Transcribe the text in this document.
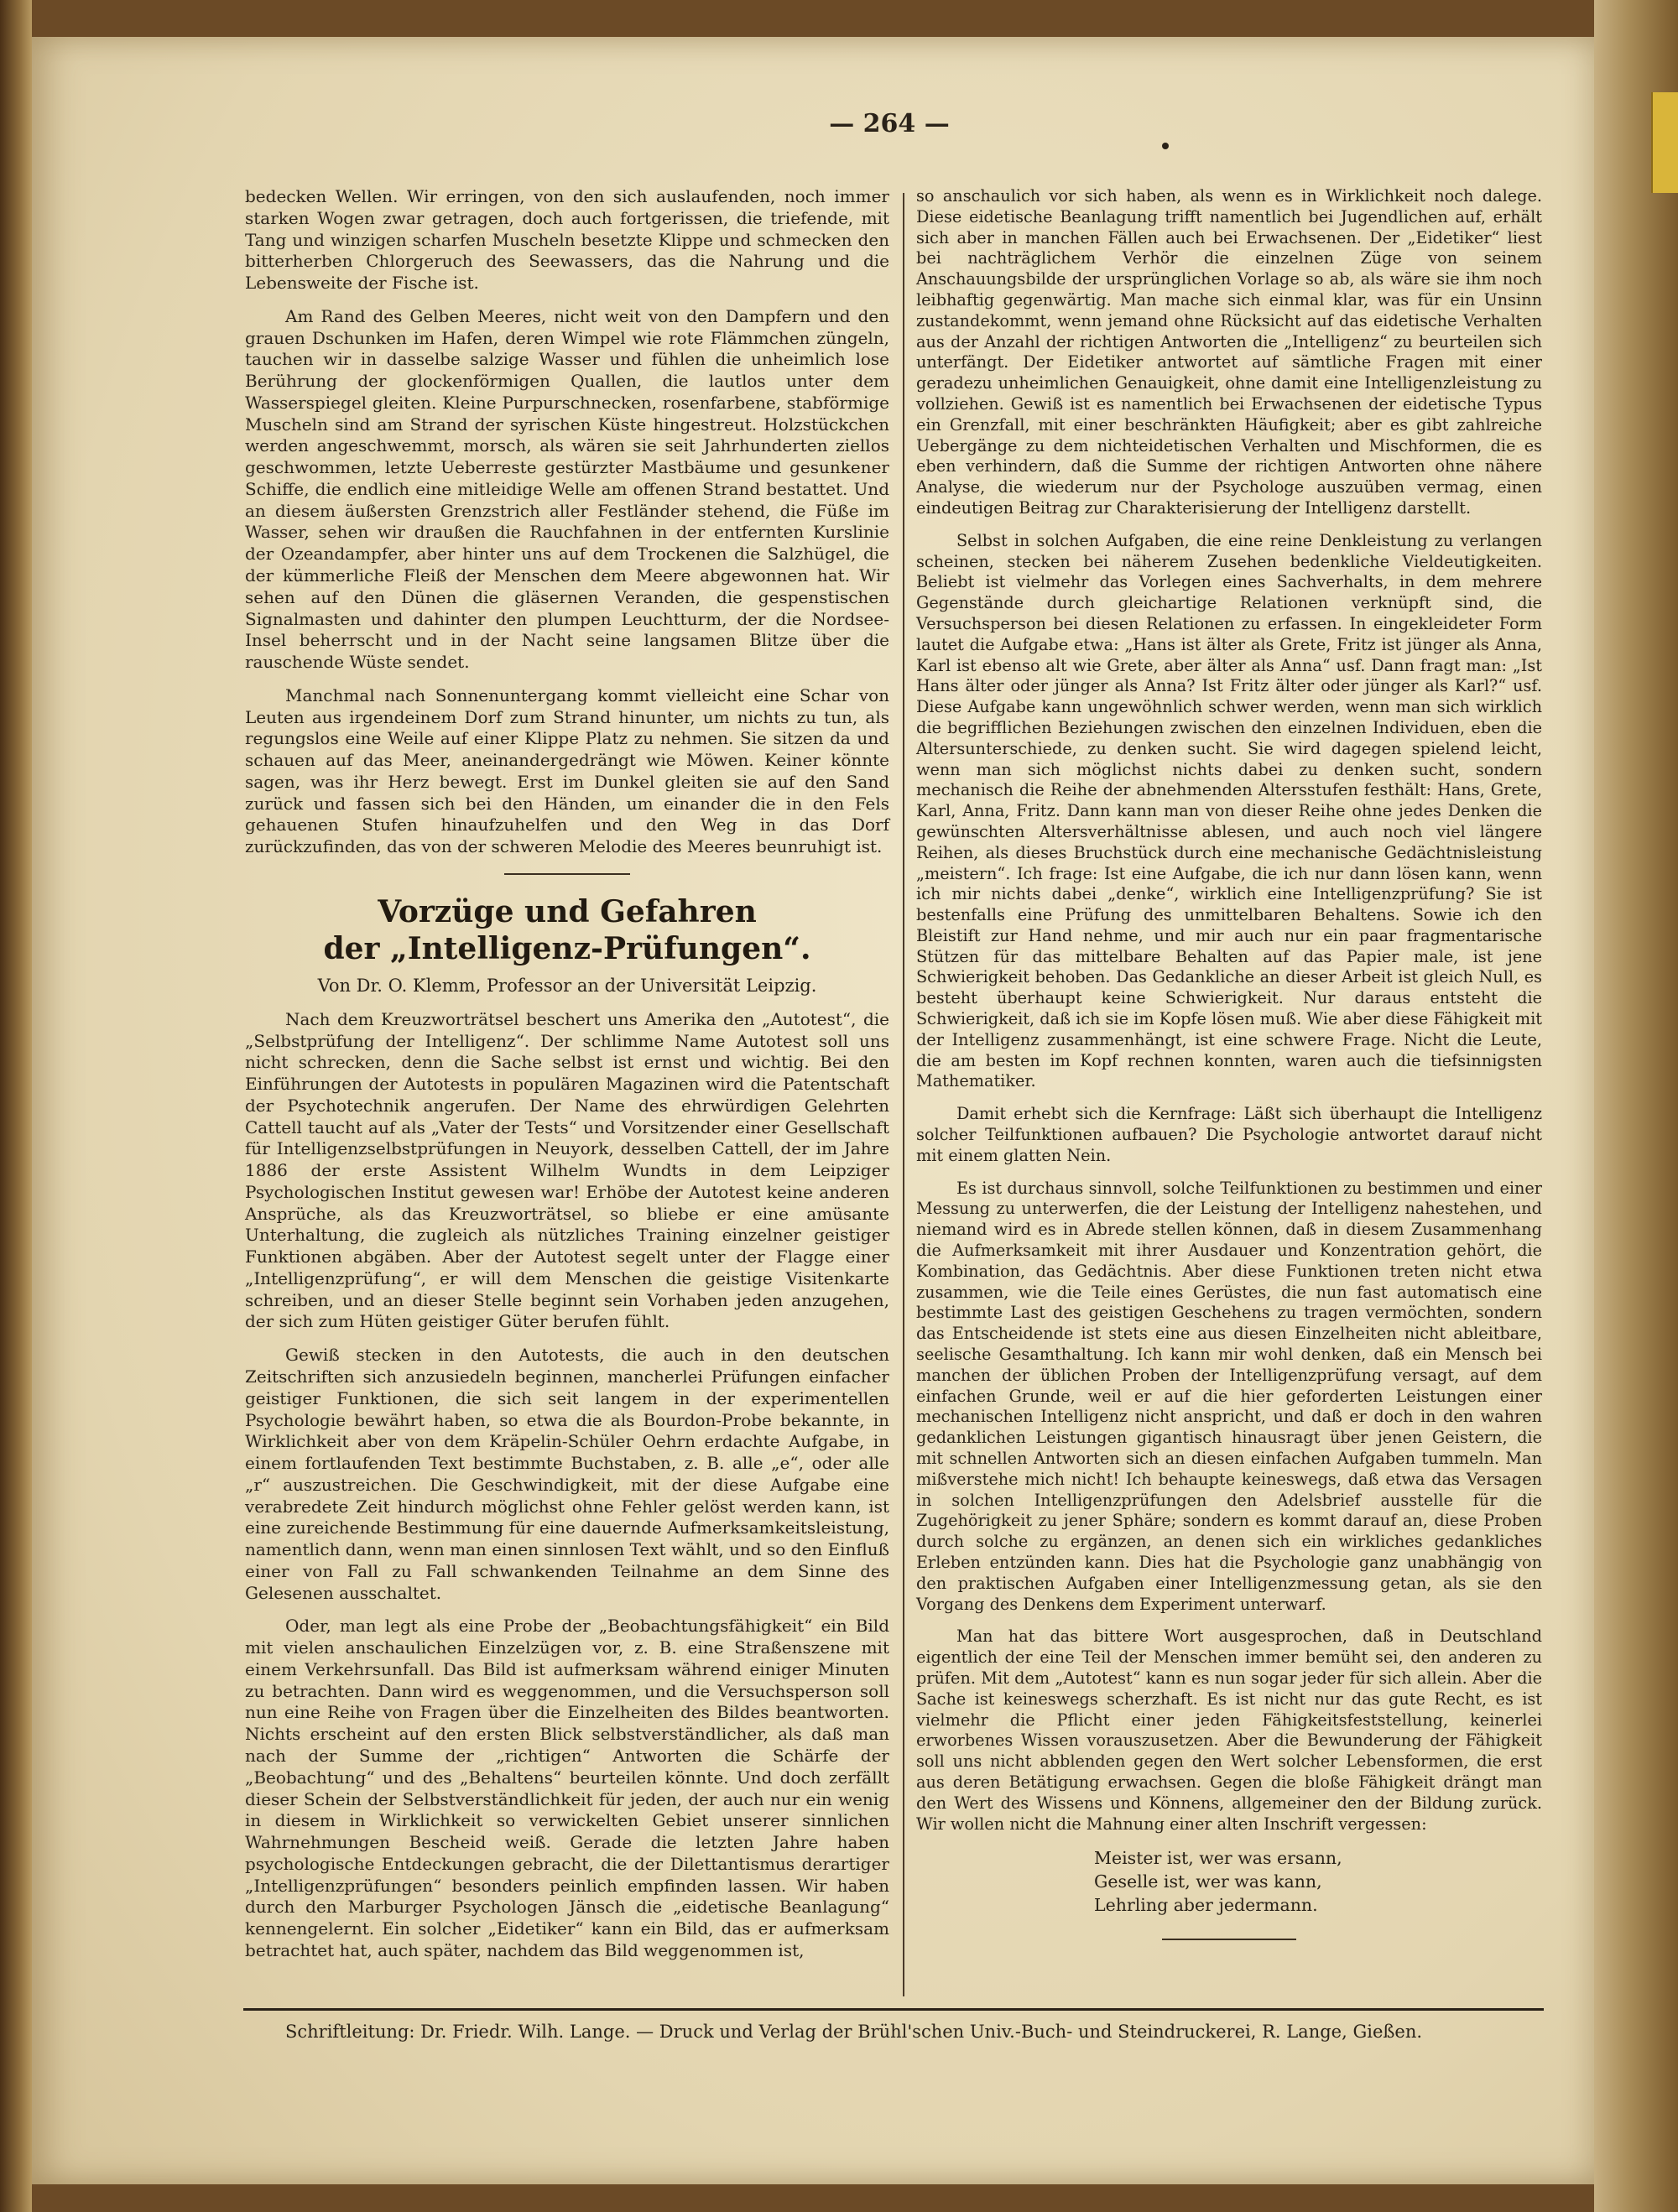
— 264 —

bedecken Wellen. Wir erringen, von den sich auslaufenden, noch immer starken Wogen zwar getragen, doch auch fortgerissen, die triefende, mit Tang und winzigen scharfen Muscheln besetzte Klippe und schmecken den bitterherben Chlorgeruch des Seewassers, das die Nahrung und die Lebensweite der Fische ist.

Am Rand des Gelben Meeres, nicht weit von den Dampfern und den grauen Dschunken im Hafen, deren Wimpel wie rote Flämmchen züngeln, tauchen wir in dasselbe salzige Wasser und fühlen die unheimlich lose Berührung der glockenförmigen Quallen, die lautlos unter dem Wasserspiegel gleiten. Kleine Purpurschnecken, rosenfarbene, stabförmige Muscheln sind am Strand der syrischen Küste hingestreut. Holzstückchen werden angeschwemmt, morsch, als wären sie seit Jahrhunderten ziellos geschwommen, letzte Ueberreste gestürzter Mastbäume und gesunkener Schiffe, die endlich eine mitleidige Welle am offenen Strand bestattet. Und an diesem äußersten Grenzstrich aller Festländer stehend, die Füße im Wasser, sehen wir draußen die Rauchfahnen in der entfernten Kurslinie der Ozeandampfer, aber hinter uns auf dem Trockenen die Salzhügel, die der kümmerliche Fleiß der Menschen dem Meere abgewonnen hat. Wir sehen auf den Dünen die gläsernen Veranden, die gespenstischen Signalmasten und dahinter den plumpen Leuchtturm, der die Nordsee-Insel beherrscht und in der Nacht seine langsamen Blitze über die rauschende Wüste sendet.

Manchmal nach Sonnenuntergang kommt vielleicht eine Schar von Leuten aus irgendeinem Dorf zum Strand hinunter, um nichts zu tun, als regungslos eine Weile auf einer Klippe Platz zu nehmen. Sie sitzen da und schauen auf das Meer, aneinandergedrängt wie Möwen. Keiner könnte sagen, was ihr Herz bewegt. Erst im Dunkel gleiten sie auf den Sand zurück und fassen sich bei den Händen, um einander die in den Fels gehauenen Stufen hinaufzuhelfen und den Weg in das Dorf zurückzufinden, das von der schweren Melodie des Meeres beunruhigt ist.

Vorzüge und Gefahren
der „Intelligenz-Prüfungen“.
Von Dr. O. Klemm, Professor an der Universität Leipzig.

Nach dem Kreuzworträtsel beschert uns Amerika den „Autotest“, die „Selbstprüfung der Intelligenz“. Der schlimme Name Autotest soll uns nicht schrecken, denn die Sache selbst ist ernst und wichtig. Bei den Einführungen der Autotests in populären Magazinen wird die Patentschaft der Psychotechnik angerufen. Der Name des ehrwürdigen Gelehrten Cattell taucht auf als „Vater der Tests“ und Vorsitzender einer Gesellschaft für Intelligenzselbstprüfungen in Neuyork, desselben Cattell, der im Jahre 1886 der erste Assistent Wilhelm Wundts in dem Leipziger Psychologischen Institut gewesen war! Erhöbe der Autotest keine anderen Ansprüche, als das Kreuzworträtsel, so bliebe er eine amüsante Unterhaltung, die zugleich als nützliches Training einzelner geistiger Funktionen abgäben. Aber der Autotest segelt unter der Flagge einer „Intelligenzprüfung“, er will dem Menschen die geistige Visitenkarte schreiben, und an dieser Stelle beginnt sein Vorhaben jeden anzugehen, der sich zum Hüten geistiger Güter berufen fühlt.

Gewiß stecken in den Autotests, die auch in den deutschen Zeitschriften sich anzusiedeln beginnen, mancherlei Prüfungen einfacher geistiger Funktionen, die sich seit langem in der experimentellen Psychologie bewährt haben, so etwa die als Bourdon-Probe bekannte, in Wirklichkeit aber von dem Kräpelin-Schüler Oehrn erdachte Aufgabe, in einem fortlaufenden Text bestimmte Buchstaben, z. B. alle „e“, oder alle „r“ auszustreichen. Die Geschwindigkeit, mit der diese Aufgabe eine verabredete Zeit hindurch möglichst ohne Fehler gelöst werden kann, ist eine zureichende Bestimmung für eine dauernde Aufmerksamkeitsleistung, namentlich dann, wenn man einen sinnlosen Text wählt, und so den Einfluß einer von Fall zu Fall schwankenden Teilnahme an dem Sinne des Gelesenen ausschaltet.

Oder, man legt als eine Probe der „Beobachtungsfähigkeit“ ein Bild mit vielen anschaulichen Einzelzügen vor, z. B. eine Straßenszene mit einem Verkehrsunfall. Das Bild ist aufmerksam während einiger Minuten zu betrachten. Dann wird es weggenommen, und die Versuchsperson soll nun eine Reihe von Fragen über die Einzelheiten des Bildes beantworten. Nichts erscheint auf den ersten Blick selbstverständlicher, als daß man nach der Summe der „richtigen“ Antworten die Schärfe der „Beobachtung“ und des „Behaltens“ beurteilen könnte. Und doch zerfällt dieser Schein der Selbstverständlichkeit für jeden, der auch nur ein wenig in diesem in Wirklichkeit so verwickelten Gebiet unserer sinnlichen Wahrnehmungen Bescheid weiß. Gerade die letzten Jahre haben psychologische Entdeckungen gebracht, die der Dilettantismus derartiger „Intelligenzprüfungen“ besonders peinlich empfinden lassen. Wir haben durch den Marburger Psychologen Jänsch die „eidetische Beanlagung“ kennengelernt. Ein solcher „Eidetiker“ kann ein Bild, das er aufmerksam betrachtet hat, auch später, nachdem das Bild weggenommen ist,

so anschaulich vor sich haben, als wenn es in Wirklichkeit noch dalege. Diese eidetische Beanlagung trifft namentlich bei Jugendlichen auf, erhält sich aber in manchen Fällen auch bei Erwachsenen. Der „Eidetiker“ liest bei nachträglichem Verhör die einzelnen Züge von seinem Anschauungsbilde der ursprünglichen Vorlage so ab, als wäre sie ihm noch leibhaftig gegenwärtig. Man mache sich einmal klar, was für ein Unsinn zustandekommt, wenn jemand ohne Rücksicht auf das eidetische Verhalten aus der Anzahl der richtigen Antworten die „Intelligenz“ zu beurteilen sich unterfängt. Der Eidetiker antwortet auf sämtliche Fragen mit einer geradezu unheimlichen Genauigkeit, ohne damit eine Intelligenzleistung zu vollziehen. Gewiß ist es namentlich bei Erwachsenen der eidetische Typus ein Grenzfall, mit einer beschränkten Häufigkeit; aber es gibt zahlreiche Uebergänge zu dem nichteidetischen Verhalten und Mischformen, die es eben verhindern, daß die Summe der richtigen Antworten ohne nähere Analyse, die wiederum nur der Psychologe auszuüben vermag, einen eindeutigen Beitrag zur Charakterisierung der Intelligenz darstellt.

Selbst in solchen Aufgaben, die eine reine Denkleistung zu verlangen scheinen, stecken bei näherem Zusehen bedenkliche Vieldeutigkeiten. Beliebt ist vielmehr das Vorlegen eines Sachverhalts, in dem mehrere Gegenstände durch gleichartige Relationen verknüpft sind, die Versuchsperson bei diesen Relationen zu erfassen. In eingekleideter Form lautet die Aufgabe etwa: „Hans ist älter als Grete, Fritz ist jünger als Anna, Karl ist ebenso alt wie Grete, aber älter als Anna“ usf. Dann fragt man: „Ist Hans älter oder jünger als Anna? Ist Fritz älter oder jünger als Karl?“ usf. Diese Aufgabe kann ungewöhnlich schwer werden, wenn man sich wirklich die begrifflichen Beziehungen zwischen den einzelnen Individuen, eben die Altersunterschiede, zu denken sucht. Sie wird dagegen spielend leicht, wenn man sich möglichst nichts dabei zu denken sucht, sondern mechanisch die Reihe der abnehmenden Altersstufen festhält: Hans, Grete, Karl, Anna, Fritz. Dann kann man von dieser Reihe ohne jedes Denken die gewünschten Altersverhältnisse ablesen, und auch noch viel längere Reihen, als dieses Bruchstück durch eine mechanische Gedächtnisleistung „meistern“. Ich frage: Ist eine Aufgabe, die ich nur dann lösen kann, wenn ich mir nichts dabei „denke“, wirklich eine Intelligenzprüfung? Sie ist bestenfalls eine Prüfung des unmittelbaren Behaltens. Sowie ich den Bleistift zur Hand nehme, und mir auch nur ein paar fragmentarische Stützen für das mittelbare Behalten auf das Papier male, ist jene Schwierigkeit behoben. Das Gedankliche an dieser Arbeit ist gleich Null, es besteht überhaupt keine Schwierigkeit. Nur daraus entsteht die Schwierigkeit, daß ich sie im Kopfe lösen muß. Wie aber diese Fähigkeit mit der Intelligenz zusammenhängt, ist eine schwere Frage. Nicht die Leute, die am besten im Kopf rechnen konnten, waren auch die tiefsinnigsten Mathematiker.

Damit erhebt sich die Kernfrage: Läßt sich überhaupt die Intelligenz solcher Teilfunktionen aufbauen? Die Psychologie antwortet darauf nicht mit einem glatten Nein.

Es ist durchaus sinnvoll, solche Teilfunktionen zu bestimmen und einer Messung zu unterwerfen, die der Leistung der Intelligenz nahestehen, und niemand wird es in Abrede stellen können, daß in diesem Zusammenhang die Aufmerksamkeit mit ihrer Ausdauer und Konzentration gehört, die Kombination, das Gedächtnis. Aber diese Funktionen treten nicht etwa zusammen, wie die Teile eines Gerüstes, die nun fast automatisch eine bestimmte Last des geistigen Geschehens zu tragen vermöchten, sondern das Entscheidende ist stets eine aus diesen Einzelheiten nicht ableitbare, seelische Gesamthaltung. Ich kann mir wohl denken, daß ein Mensch bei manchen der üblichen Proben der Intelligenzprüfung versagt, auf dem einfachen Grunde, weil er auf die hier geforderten Leistungen einer mechanischen Intelligenz nicht anspricht, und daß er doch in den wahren gedanklichen Leistungen gigantisch hinausragt über jenen Geistern, die mit schnellen Antworten sich an diesen einfachen Aufgaben tummeln. Man mißverstehe mich nicht! Ich behaupte keineswegs, daß etwa das Versagen in solchen Intelligenzprüfungen den Adelsbrief ausstelle für die Zugehörigkeit zu jener Sphäre; sondern es kommt darauf an, diese Proben durch solche zu ergänzen, an denen sich ein wirkliches gedankliches Erleben entzünden kann. Dies hat die Psychologie ganz unabhängig von den praktischen Aufgaben einer Intelligenzmessung getan, als sie den Vorgang des Denkens dem Experiment unterwarf.

Man hat das bittere Wort ausgesprochen, daß in Deutschland eigentlich der eine Teil der Menschen immer bemüht sei, den anderen zu prüfen. Mit dem „Autotest“ kann es nun sogar jeder für sich allein. Aber die Sache ist keineswegs scherzhaft. Es ist nicht nur das gute Recht, es ist vielmehr die Pflicht einer jeden Fähigkeitsfeststellung, keinerlei erworbenes Wissen vorauszusetzen. Aber die Bewunderung der Fähigkeit soll uns nicht abblenden gegen den Wert solcher Lebensformen, die erst aus deren Betätigung erwachsen. Gegen die bloße Fähigkeit drängt man den Wert des Wissens und Könnens, allgemeiner den der Bildung zurück. Wir wollen nicht die Mahnung einer alten Inschrift vergessen:

Meister ist, wer was ersann,
Geselle ist, wer was kann,
Lehrling aber jedermann.
Schriftleitung: Dr. Friedr. Wilh. Lange. — Druck und Verlag der Brühl'schen Univ.-Buch- und Steindruckerei, R. Lange, Gießen.
